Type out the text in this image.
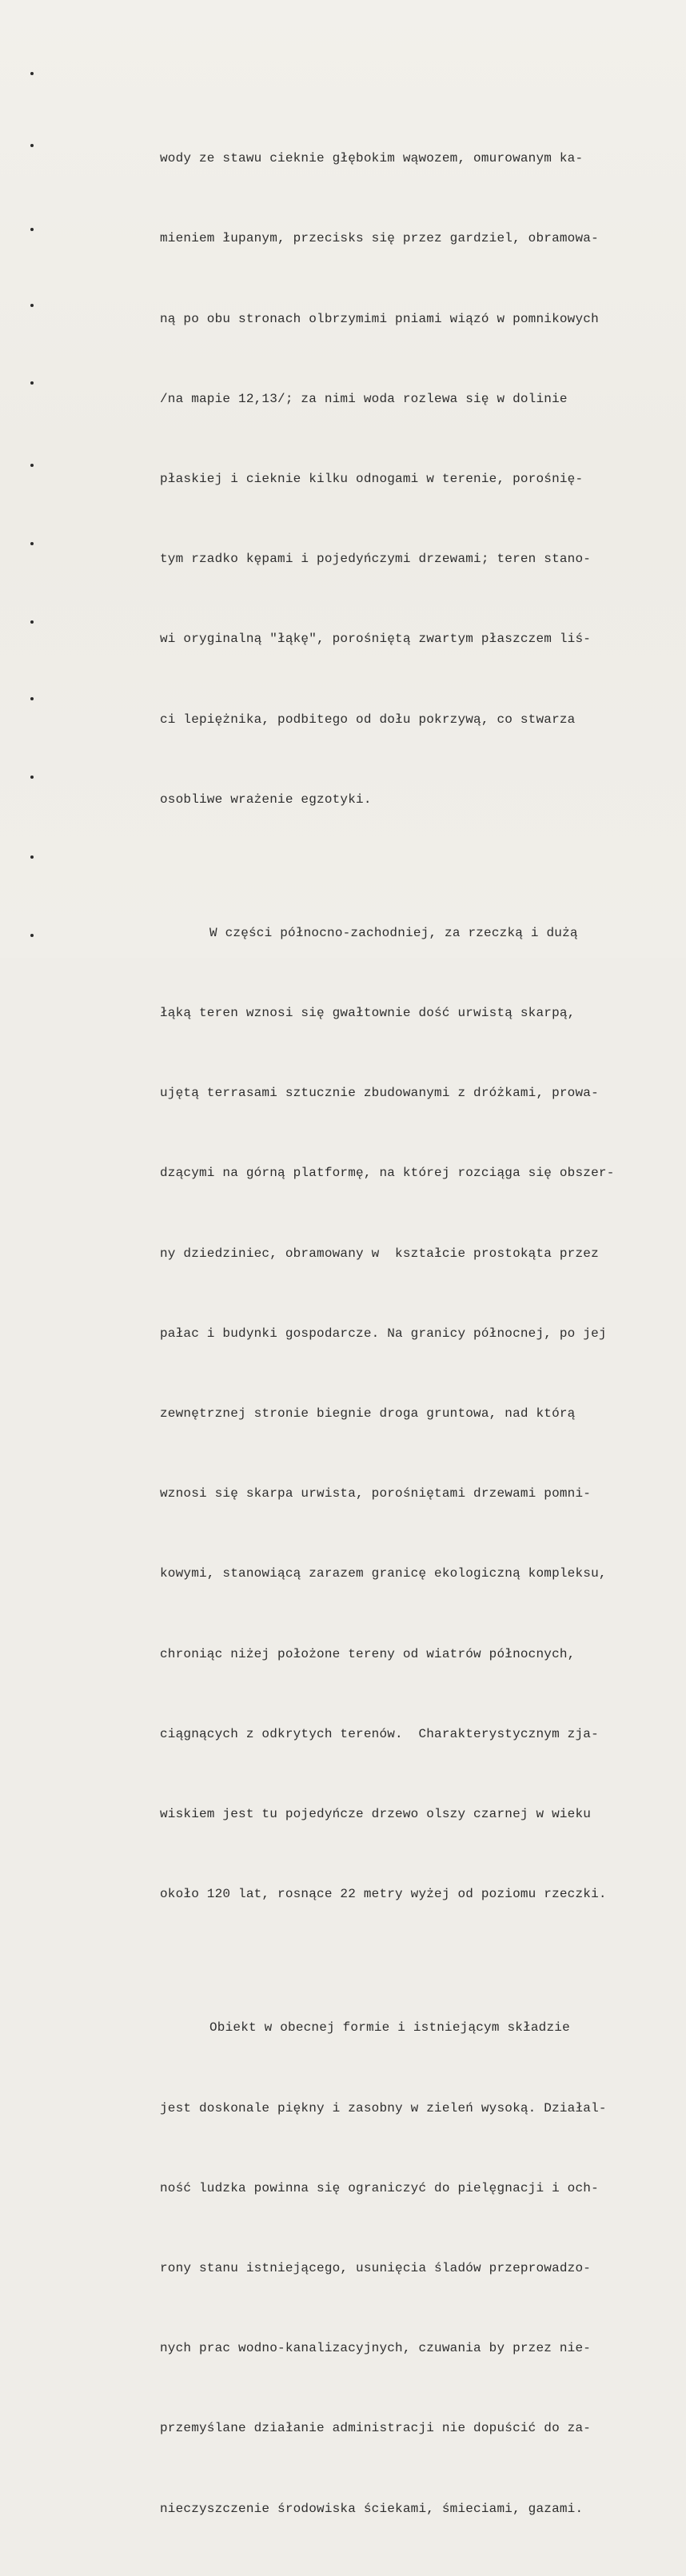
wody ze stawu cieknie głębokim wąwozem, omurowanym ka-

mieniem łupanym, przecisks się przez gardziel, obramowa-

ną po obu stronach olbrzymimi pniami wiązó w pomnikowych

/na mapie 12,13/; za nimi woda rozlewa się w dolinie

płaskiej i cieknie kilku odnogami w terenie, porośnię-

tym rzadko kępami i pojedyńczymi drzewami; teren stano-

wi oryginalną "łąkę", porośniętą zwartym płaszczem liś-

ci lepiężnika, podbitego od dołu pokrzywą, co stwarza

osobliwe wrażenie egzotyki.

W części północno-zachodniej, za rzeczką i dużą

łąką teren wznosi się gwałtownie dość urwistą skarpą,

ujętą terrasami sztucznie zbudowanymi z dróżkami, prowa-

dzącymi na górną platformę, na której rozciąga się obszer-

ny dziedziniec, obramowany w  kształcie prostokąta przez

pałac i budynki gospodarcze. Na granicy północnej, po jej

zewnętrznej stronie biegnie droga gruntowa, nad którą

wznosi się skarpa urwista, porośniętami drzewami pomni-

kowymi, stanowiącą zarazem granicę ekologiczną kompleksu,

chroniąc niżej położone tereny od wiatrów północnych,

ciągnących z odkrytych terenów.  Charakterystycznym zja-

wiskiem jest tu pojedyńcze drzewo olszy czarnej w wieku

około 120 lat, rosnące 22 metry wyżej od poziomu rzeczki.

Obiekt w obecnej formie i istniejącym składzie

jest doskonale piękny i zasobny w zieleń wysoką. Działal-

ność ludzka powinna się ograniczyć do pielęgnacji i och-

rony stanu istniejącego, usunięcia śladów przeprowadzo-

nych prac wodno-kanalizacyjnych, czuwania by przez nie-

przemyślane działanie administracji nie dopuścić do za-

nieczyszczenie środowiska ściekami, śmieciami, gazami.
